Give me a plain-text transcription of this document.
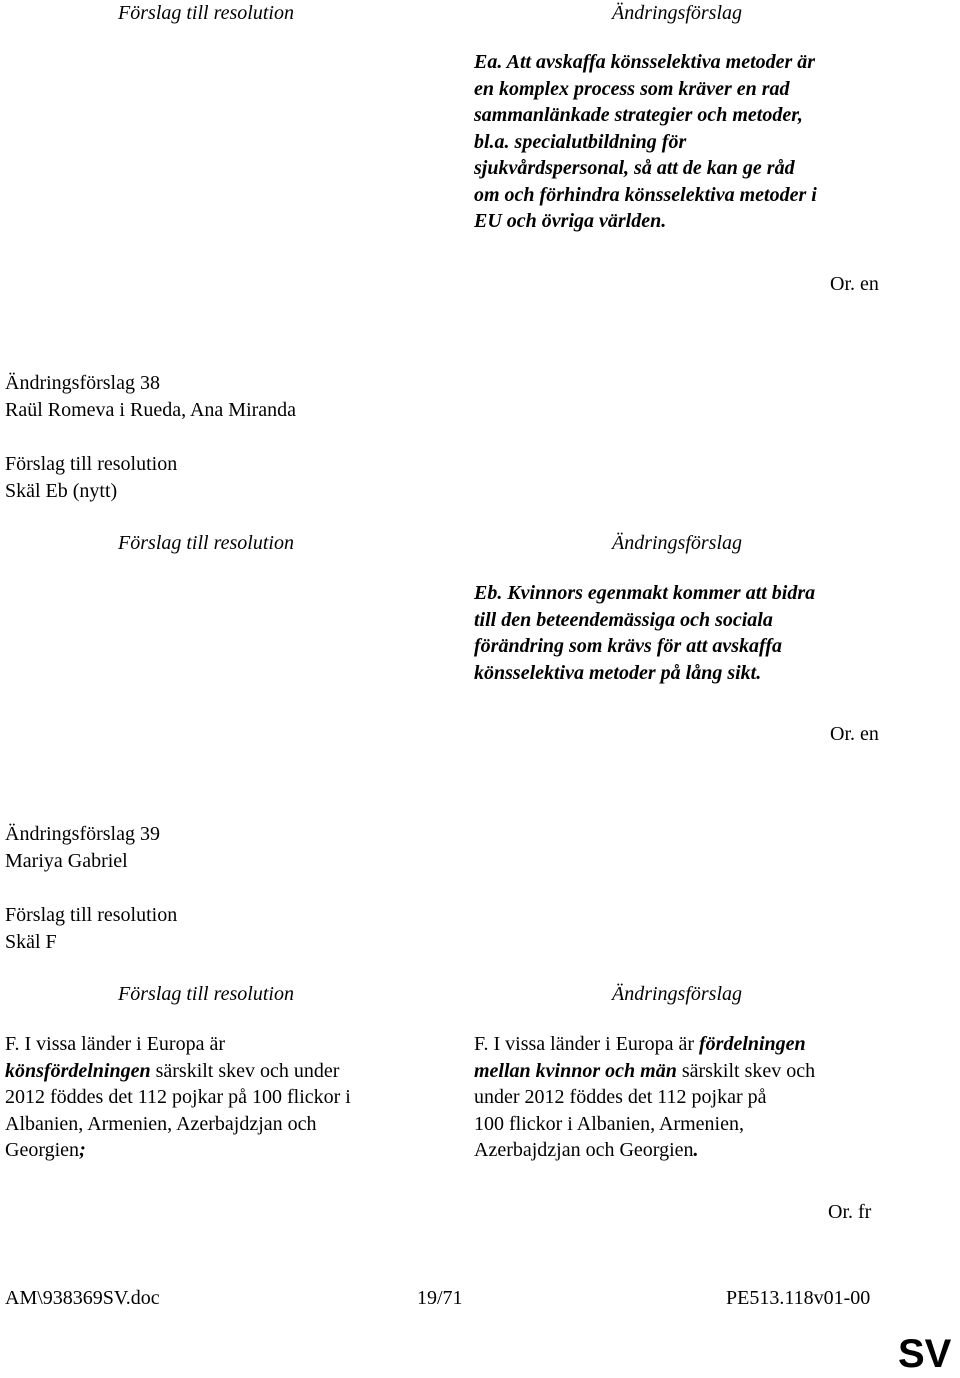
Förslag till resolution	Ändringsförslag
Ea. Att avskaffa könsselektiva metoder är
en komplex process som kräver en rad
sammanlänkade strategier och metoder,
bl.a. specialutbildning för
sjukvårdspersonal, så att de kan ge råd
om och förhindra könsselektiva metoder i
EU och övriga världen.
Or. en
Ändringsförslag 38
Raül Romeva i Rueda, Ana Miranda
Förslag till resolution
Skäl Eb (nytt)
Förslag till resolution	Ändringsförslag
Eb. Kvinnors egenmakt kommer att bidra
till den beteendemässiga och sociala
förändring som krävs för att avskaffa
könsselektiva metoder på lång sikt.
Or. en
Ändringsförslag 39
Mariya Gabriel
Förslag till resolution
Skäl F
Förslag till resolution	Ändringsförslag
F. I vissa länder i Europa är
könsfördelningen särskilt skev och under
2012 föddes det 112 pojkar på 100 flickor i
Albanien, Armenien, Azerbajdzjan och
Georgien;
F. I vissa länder i Europa är fördelningen
mellan kvinnor och män särskilt skev och
under 2012 föddes det 112 pojkar på
100 flickor i Albanien, Armenien,
Azerbajdzjan och Georgien.
Or. fr
AM\938369SV.doc	19/71	PE513.118v01-00
SV
